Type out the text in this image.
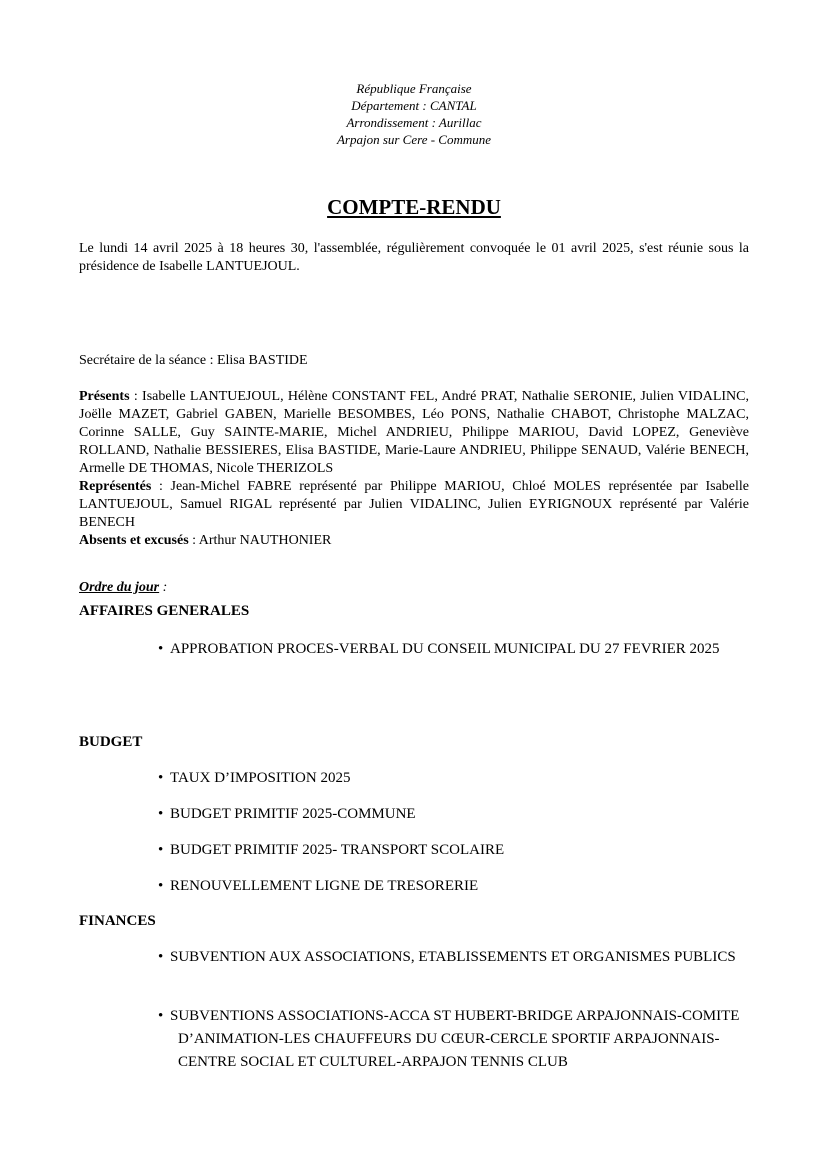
République Française
Département : CANTAL
Arrondissement : Aurillac
Arpajon sur Cere - Commune
COMPTE-RENDU
Le lundi 14 avril 2025 à 18 heures 30, l'assemblée, régulièrement convoquée le 01 avril 2025, s'est réunie sous la présidence de Isabelle LANTUEJOUL.
Secrétaire de la séance : Elisa BASTIDE

Présents : Isabelle LANTUEJOUL, Hélène CONSTANT FEL, André PRAT, Nathalie SERONIE, Julien VIDALINC, Joëlle MAZET, Gabriel GABEN, Marielle BESOMBES, Léo PONS, Nathalie CHABOT, Christophe MALZAC, Corinne SALLE, Guy SAINTE-MARIE, Michel ANDRIEU, Philippe MARIOU, David LOPEZ, Geneviève ROLLAND, Nathalie BESSIERES, Elisa BASTIDE, Marie-Laure ANDRIEU, Philippe SENAUD, Valérie BENECH, Armelle DE THOMAS, Nicole THERIZOLS

Représentés : Jean-Michel FABRE représenté par Philippe MARIOU, Chloé MOLES représentée par Isabelle LANTUEJOUL, Samuel RIGAL représenté par Julien VIDALINC, Julien EYRIGNOUX représenté par Valérie BENECH

Absents et excusés : Arthur NAUTHONIER

Ordre du jour :
AFFAIRES GENERALES
• APPROBATION PROCES-VERBAL DU CONSEIL MUNICIPAL DU 27 FEVRIER 2025
BUDGET
• TAUX D’IMPOSITION 2025
• BUDGET PRIMITIF 2025-COMMUNE
• BUDGET PRIMITIF 2025- TRANSPORT SCOLAIRE
• RENOUVELLEMENT LIGNE DE TRESORERIE
FINANCES
• SUBVENTION AUX ASSOCIATIONS, ETABLISSEMENTS ET ORGANISMES PUBLICS
• SUBVENTIONS ASSOCIATIONS-ACCA ST HUBERT-BRIDGE ARPAJONNAIS-COMITE D’ANIMATION-LES CHAUFFEURS DU CŒUR-CERCLE SPORTIF ARPAJONNAIS-CENTRE SOCIAL ET CULTUREL-ARPAJON TENNIS CLUB
